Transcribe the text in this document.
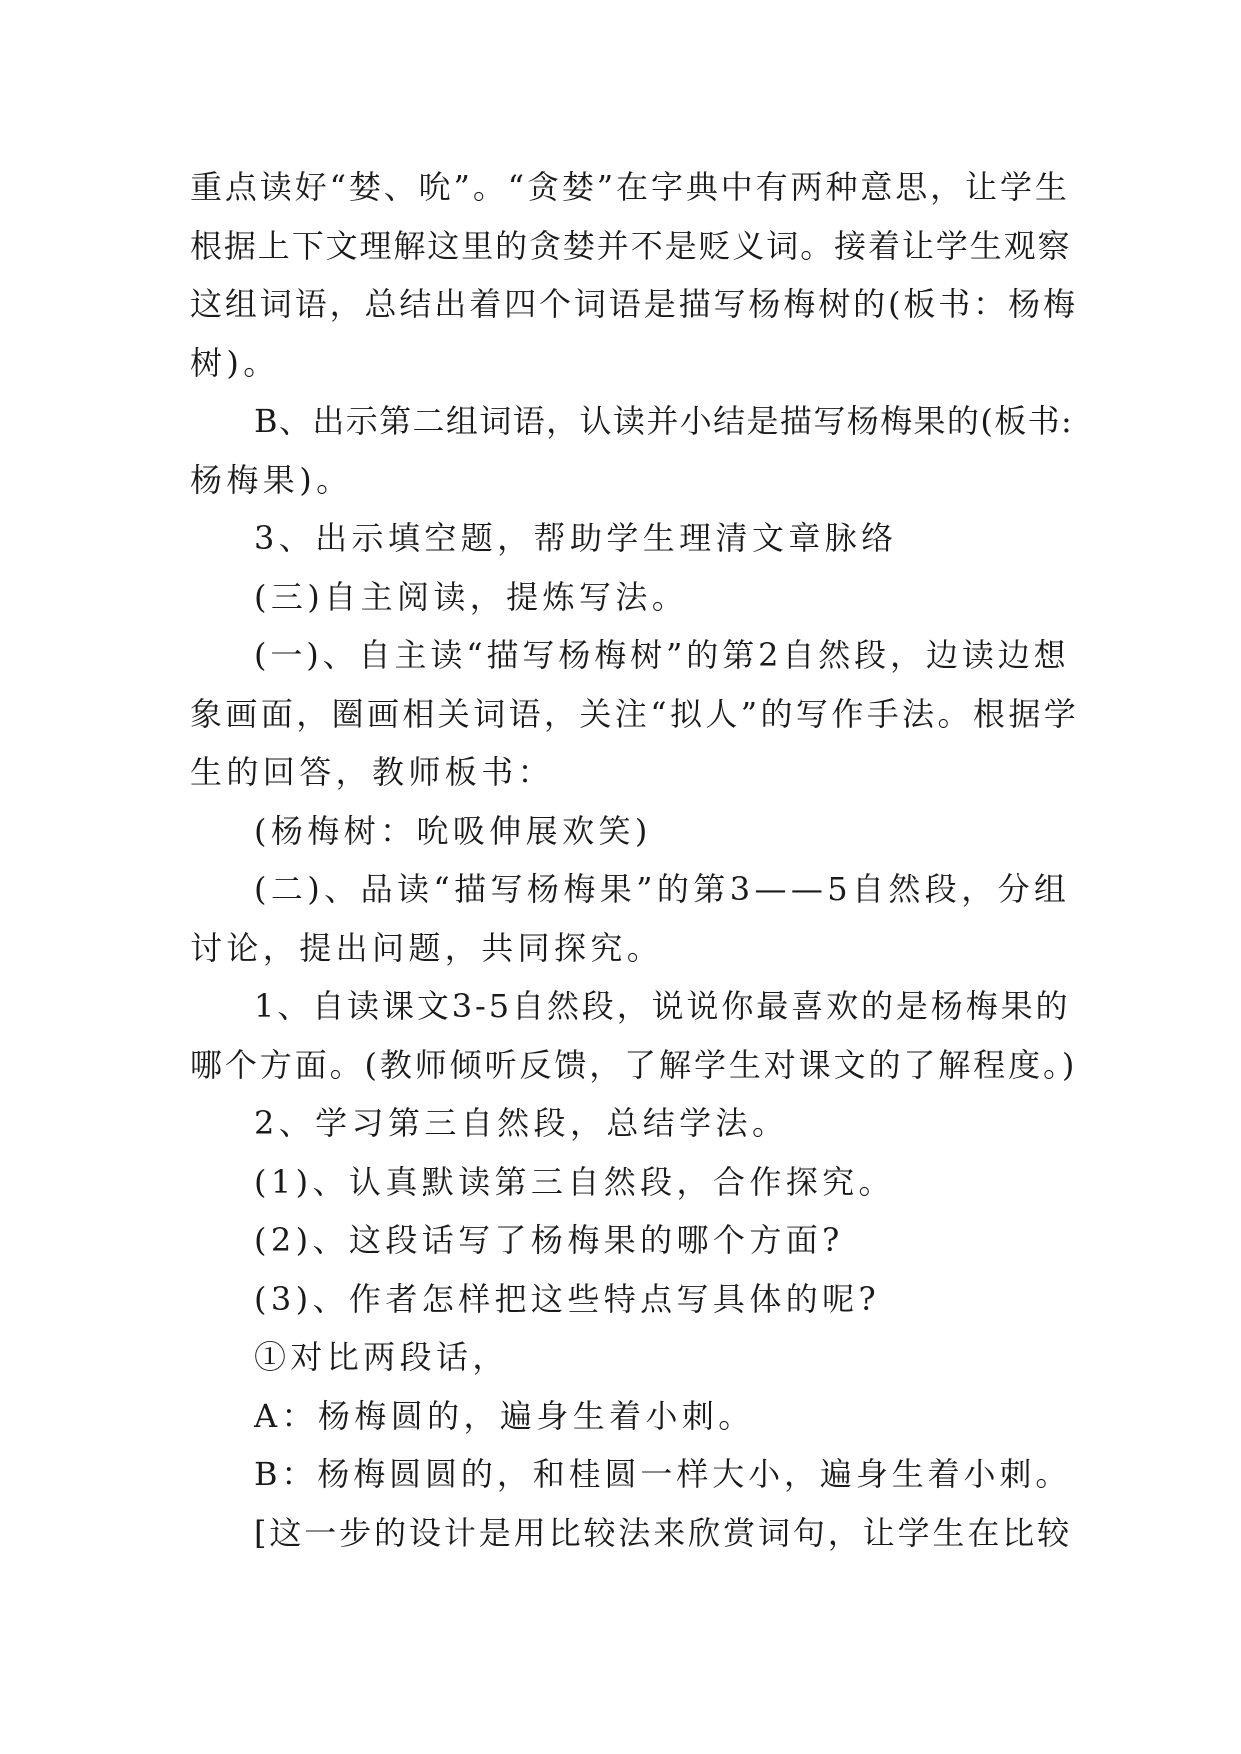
重点读好“婪、吮”。“贪婪”在字典中有两种意思，让学生
根据上下文理解这里的贪婪并不是贬义词。接着让学生观察
这组词语，总结出着四个词语是描写杨梅树的(板书：杨梅
树)。
B、出示第二组词语，认读并小结是描写杨梅果的(板书:
杨梅果)。
3、出示填空题，帮助学生理清文章脉络
(三)自主阅读，提炼写法。
(一)、自主读“描写杨梅树”的第2自然段，边读边想
象画面，圈画相关词语，关注“拟人”的写作手法。根据学
生的回答，教师板书：
(杨梅树：吮吸伸展欢笑)
(二)、品读“描写杨梅果”的第3——5自然段，分组
讨论，提出问题，共同探究。
1、自读课文3-5自然段，说说你最喜欢的是杨梅果的
哪个方面。(教师倾听反馈，了解学生对课文的了解程度。)
2、学习第三自然段，总结学法。
(1)、认真默读第三自然段，合作探究。
(2)、这段话写了杨梅果的哪个方面?
(3)、作者怎样把这些特点写具体的呢?
①对比两段话，
A：杨梅圆的，遍身生着小刺。
B：杨梅圆圆的，和桂圆一样大小，遍身生着小刺。
[这一步的设计是用比较法来欣赏词句，让学生在比较
